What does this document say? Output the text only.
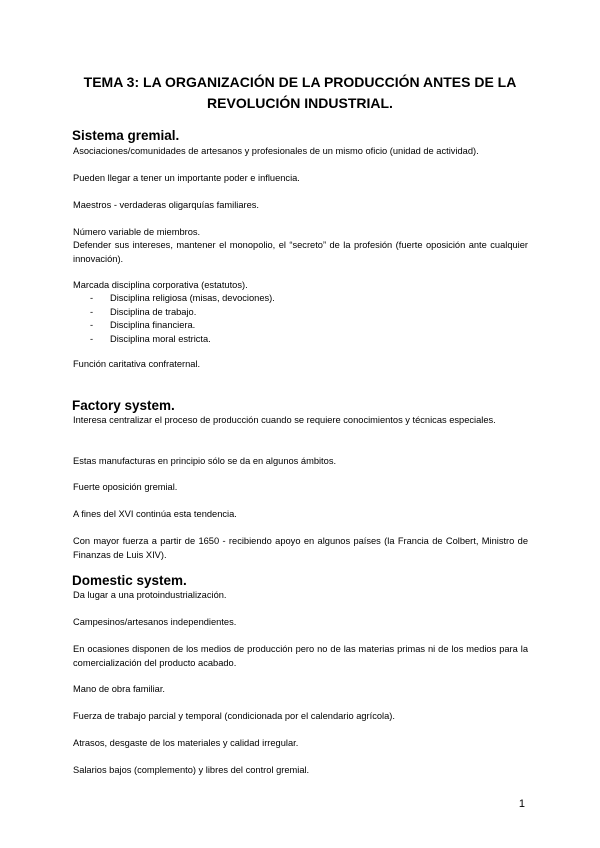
TEMA 3: LA ORGANIZACIÓN DE LA PRODUCCIÓN ANTES DE LA
REVOLUCIÓN INDUSTRIAL.
Sistema gremial.
Asociaciones/comunidades de artesanos y profesionales de un mismo oficio (unidad de actividad).
Pueden llegar a tener un importante poder e influencia.
Maestros - verdaderas oligarquías familiares.
Número variable de miembros.
Defender sus intereses, mantener el monopolio, el “secreto” de la profesión (fuerte oposición ante cualquier innovación).
Marcada disciplina corporativa (estatutos).
- Disciplina religiosa (misas, devociones).
- Disciplina de trabajo.
- Disciplina financiera.
- Disciplina moral estricta.
Función caritativa confraternal.
Factory system.
Interesa centralizar el proceso de producción cuando se requiere conocimientos y técnicas especiales.
Estas manufacturas en principio sólo se da en algunos ámbitos.
Fuerte oposición gremial.
A fines del XVI continúa esta tendencia.
Con mayor fuerza a partir de 1650 - recibiendo apoyo en algunos países (la Francia de Colbert, Ministro de Finanzas de Luis XIV).
Domestic system.
Da lugar a una protoindustrialización.
Campesinos/artesanos independientes.
En ocasiones disponen de los medios de producción pero no de las materias primas ni de los medios para la comercialización del producto acabado.
Mano de obra familiar.
Fuerza de trabajo parcial y temporal (condicionada por el calendario agrícola).
Atrasos, desgaste de los materiales y calidad irregular.
Salarios bajos (complemento) y libres del control gremial.
1
